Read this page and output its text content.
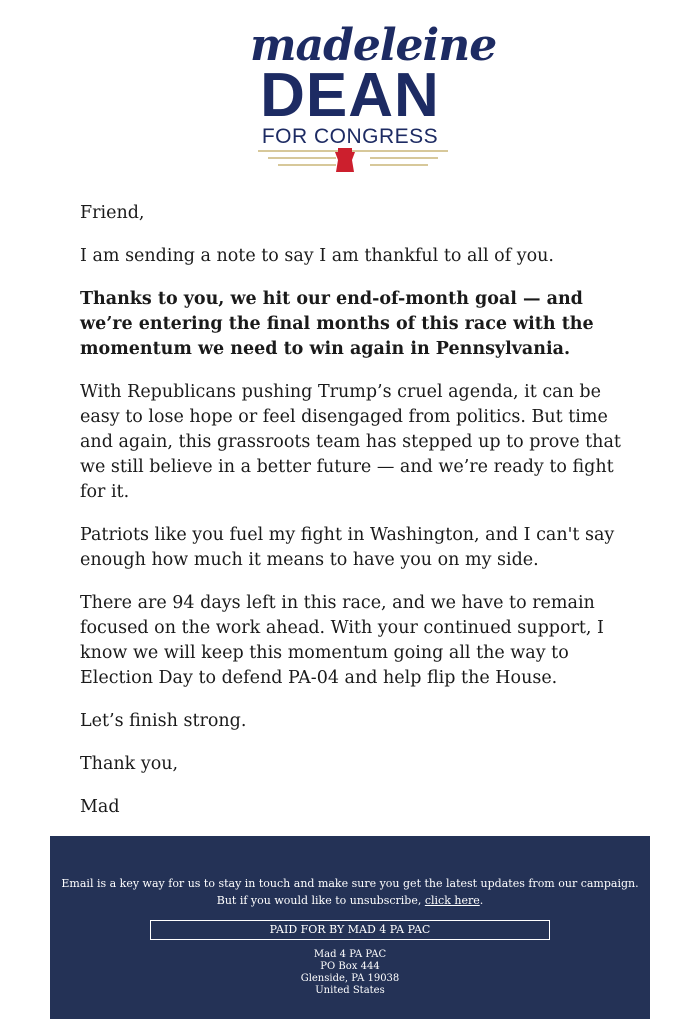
madeleine
DEAN
FOR CONGRESS

Friend,

I am sending a note to say I am thankful to all of you.

Thanks to you, we hit our end-of-month goal — and we’re entering the final months of this race with the momentum we need to win again in Pennsylvania.

With Republicans pushing Trump’s cruel agenda, it can be easy to lose hope or feel disengaged from politics. But time and again, this grassroots team has stepped up to prove that we still believe in a better future — and we’re ready to fight for it.

Patriots like you fuel my fight in Washington, and I can't say enough how much it means to have you on my side.

There are 94 days left in this race, and we have to remain focused on the work ahead. With your continued support, I know we will keep this momentum going all the way to Election Day to defend PA-04 and help flip the House.

Let’s finish strong.

Thank you,

Mad

Email is a key way for us to stay in touch and make sure you get the latest updates from our campaign.
But if you would like to unsubscribe, click here.
PAID FOR BY MAD 4 PA PAC
Mad 4 PA PAC
PO Box 444
Glenside, PA 19038
United States
